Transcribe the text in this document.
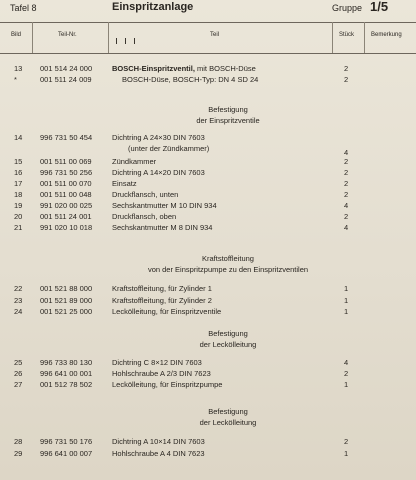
Tafel 8	Einspritzanlage	Gruppe 1/5
Bild	Teil-Nr.	Teil	Stück	Bemerkung
13 001 514 24 000	BOSCH-Einspritzventil, mit BOSCH-Düse	2
*	001 511 24 009	BOSCH-Düse, BOSCH-Typ: DN 4 SD 24	2
Befestigung
der Einspritzventile
14 996 731 50 454	Dichtring A 24×30 DIN 7603
(unter der Zündkammer)	4
15 001 511 00 069	Zündkammer	2
16 996 731 50 256	Dichtring A 14×20 DIN 7603	2
17 001 511 00 070	Einsatz	2
18 001 511 00 048	Druckflansch, unten	2
19 991 020 00 025	Sechskantmutter M 10 DIN 934	4
20 001 511 24 001	Druckflansch, oben	2
21 991 020 10 018	Sechskantmutter M 8 DIN 934	4
Kraftstoffleitung
von der Einspritzpumpe zu den Einspritzventilen
22 001 521 88 000	Kraftstoffleitung, für Zylinder 1	1
23 001 521 89 000	Kraftstoffleitung, für Zylinder 2	1
24 001 521 25 000	Leckölleitung, für Einspritzventile	1
Befestigung
der Leckölleitung
25 996 733 80 130	Dichtring C 8×12 DIN 7603	4
26 996 641 00 001	Hohlschraube A 2/3 DIN 7623	2
27 001 512 78 502	Leckölleitung, für Einspritzpumpe	1
Befestigung
der Leckölleitung
28 996 731 50 176	Dichtring A 10×14 DIN 7603	2
29 996 641 00 007	Hohlschraube A 4 DIN 7623	1
